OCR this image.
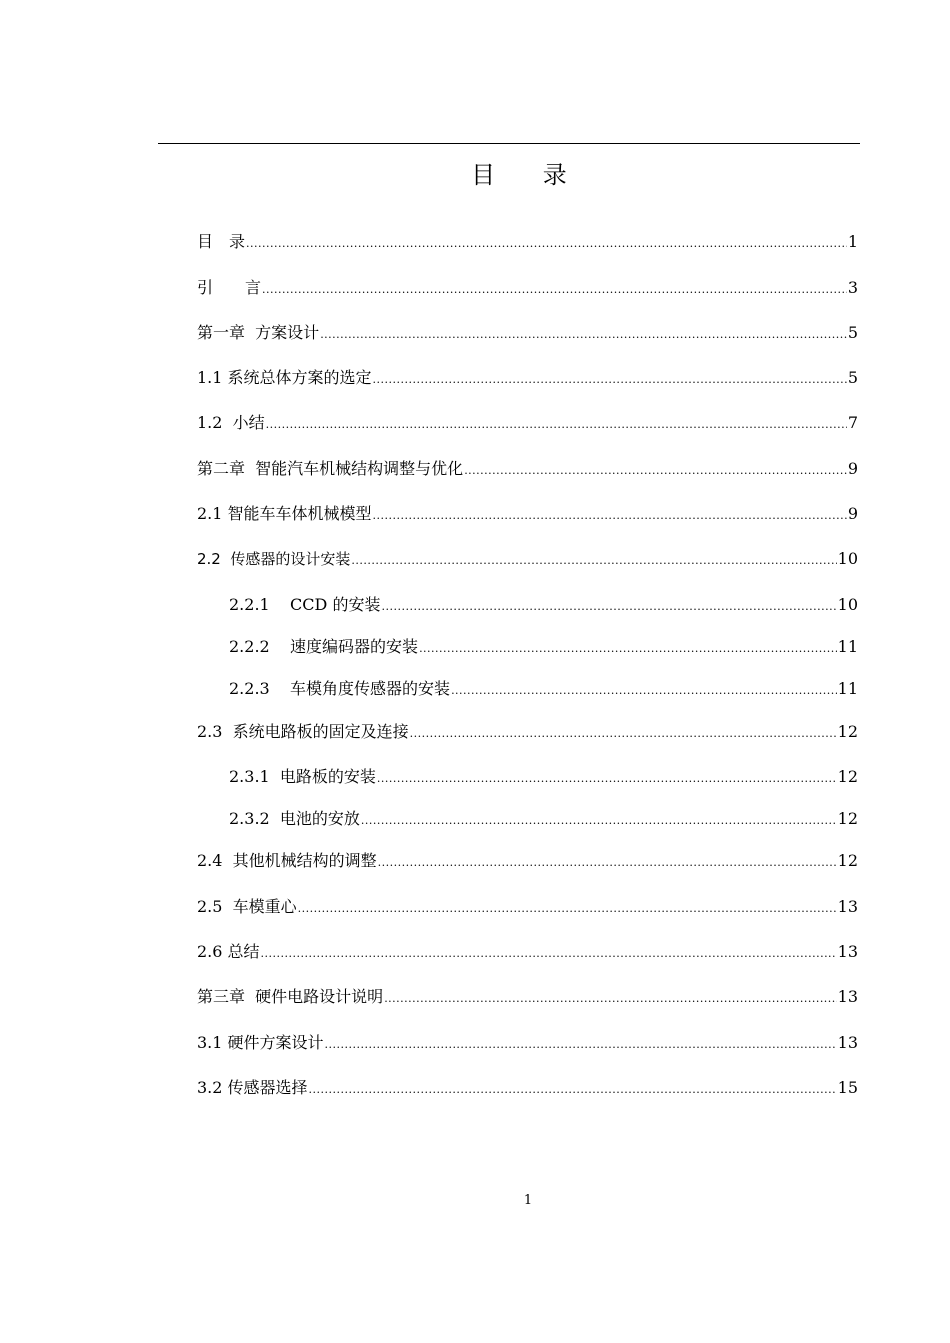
目 录
目　录 .....	1
引　　言 .....	3
第一章  方案设计 .....	5
1.1 系统总体方案的选定 .....	5
1.2  小结 .....	7
第二章  智能汽车机械结构调整与优化 .....	9
2.1 智能车车体机械模型 .....	9
2.2  传感器的设计安装 .....	10
2.2.1    CCD 的安装 .....	10
2.2.2    速度编码器的安装 .....	11
2.2.3    车模角度传感器的安装 .....	11
2.3  系统电路板的固定及连接 .....	12
2.3.1  电路板的安装 .....	12
2.3.2  电池的安放 .....	12
2.4  其他机械结构的调整 .....	12
2.5  车模重心 .....	13
2.6 总结 .....	13
第三章  硬件电路设计说明 .....	13
3.1 硬件方案设计 .....	13
3.2 传感器选择 .....	15
1
